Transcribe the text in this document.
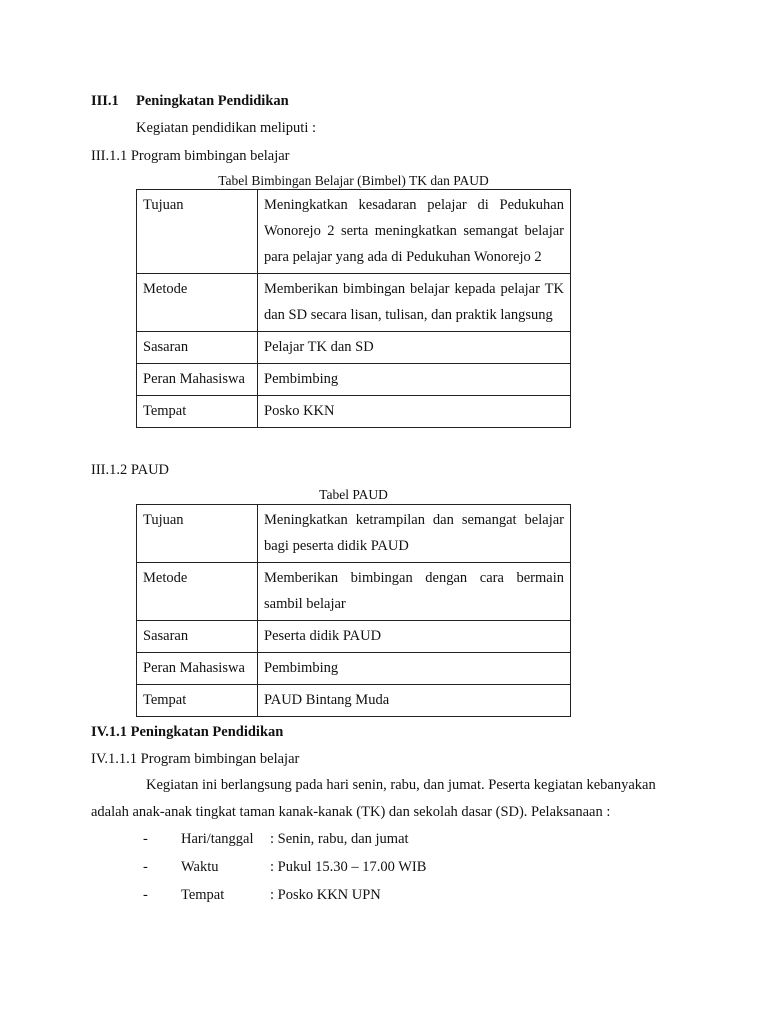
III.1 Peningkatan Pendidikan
Kegiatan pendidikan meliputi :
III.1.1 Program bimbingan belajar
Tabel Bimbingan Belajar (Bimbel) TK dan PAUD
Tujuan	Meningkatkan kesadaran pelajar di Pedukuhan Wonorejo 2 serta meningkatkan semangat belajar para pelajar yang ada di Pedukuhan Wonorejo 2
Metode	Memberikan bimbingan belajar kepada pelajar TK dan SD secara lisan, tulisan, dan praktik langsung
Sasaran	Pelajar TK dan SD
Peran Mahasiswa	Pembimbing
Tempat	Posko KKN
III.1.2 PAUD
Tabel PAUD
Tujuan	Meningkatkan ketrampilan dan semangat belajar bagi peserta didik PAUD
Metode	Memberikan bimbingan dengan cara bermain sambil belajar
Sasaran	Peserta didik PAUD
Peran Mahasiswa	Pembimbing
Tempat	PAUD Bintang Muda
IV.1.1 Peningkatan Pendidikan
IV.1.1.1 Program bimbingan belajar
Kegiatan ini berlangsung pada hari senin, rabu, dan jumat. Peserta kegiatan kebanyakan
adalah anak-anak tingkat taman kanak-kanak (TK) dan sekolah dasar (SD). Pelaksanaan :
- Hari/tanggal : Senin, rabu, dan jumat
- Waktu	: Pukul 15.30 – 17.00 WIB
- Tempat	: Posko KKN UPN
